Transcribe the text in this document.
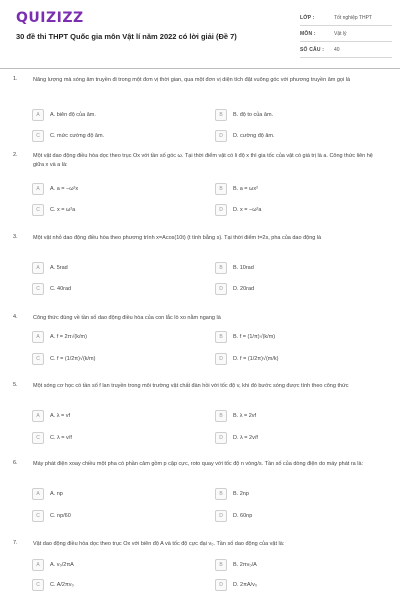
QUIZIZZ
30 đề thi THPT Quốc gia môn Vật lí năm 2022 có lời giải (Đề 7)
LỚP :	Tốt nghiệp THPT
MÔN :	Vật lý
SỐ CÂU :	40
1.	Năng lượng mà sóng âm truyền đi trong một đơn vị thời gian, qua một đơn vị diện tích đặt vuông góc với phương truyền âm gọi là
A	A. biên độ của âm.	B	B. độ to của âm.
C	C. mức cường độ âm.	D	D. cường độ âm.
2.	Một vật dao động điều hòa dọc theo trục Ox với tần số góc ω. Tại thời điểm vật có li độ x thì gia tốc của vật có giá trị là a. Công thức liên hệ giữa x và a là:
A	A. a = −ω²x	B	B. a = ωx²
C	C. x = ω²a	D	D. x = −ω²a
3.	Một vật nhỏ dao động điều hòa theo phương trình x=Acos(10t) (t tính bằng s). Tại thời điểm t=2s, pha của dao động là
A	A. 5rad	B	B. 10rad
C	C. 40rad	D	D. 20rad
4.	Công thức đúng về tần số dao động điều hòa của con lắc lò xo nằm ngang là
A	A. f = 2π√(k/m)	B	B. f = (1/π)√(k/m)
C	C. f = (1/2π)√(k/m)	D	D. f = (1/2π)√(m/k)
5.	Một sóng cơ học có tần số f lan truyền trong môi trường vật chất đàn hồi với tốc độ v, khi đó bước sóng được tính theo công thức
A	A. λ = vf	B	B. λ = 2vf
C	C. λ = v/f	D	D. λ = 2v/f
6.	Máy phát điện xoay chiều một pha có phần cảm gồm p cặp cực, roto quay với tốc độ n vòng/s. Tần số của dòng điện do máy phát ra là:
A	A. np	B	B. 2np
C	C. np/60	D	D. 60np
7.	Vật dao động điều hòa dọc theo trục Ox với biên độ A và tốc độ cực đại v₀. Tần số dao động của vật là:
A	A. v₀/2πA	B	B. 2πv₀/A
C	C. A/2πv₀	D	D. 2πA/v₀
